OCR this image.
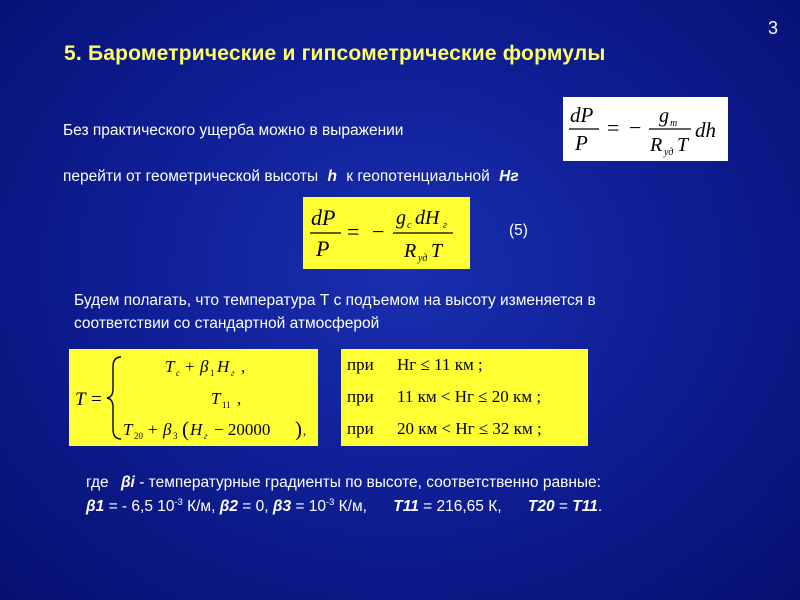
3
5. Барометрические и гипсометрические формулы
Без практического ущерба можно в выражении
dP
P
= − g m
R уд T
dh
перейти от геометрической высоты h к геопотенциальной Нг
dP
P
= −
g c dH г
R уд T
(5)
Будем полагать, что температура Т с подъемом на высоту изменяется в
соответствии со стандартной атмосферой
T =
T c + β 1 H г ,
T 11 ,
T 20 + β 3 ( H г − 20000 ) ,
при Hг ≤ 11 км ;
при 11 км < Hг ≤ 20 км ;
при 20 км < Hг ≤ 32 км ;
где βi - температурные градиенты по высоте, соответственно равные:
β1 = - 6,5 $10^{-3}$ К/м, β2 = 0, $\beta 3 = 10^{-3}$ К/м, T11 = 216,65 К, T20 = T11.
